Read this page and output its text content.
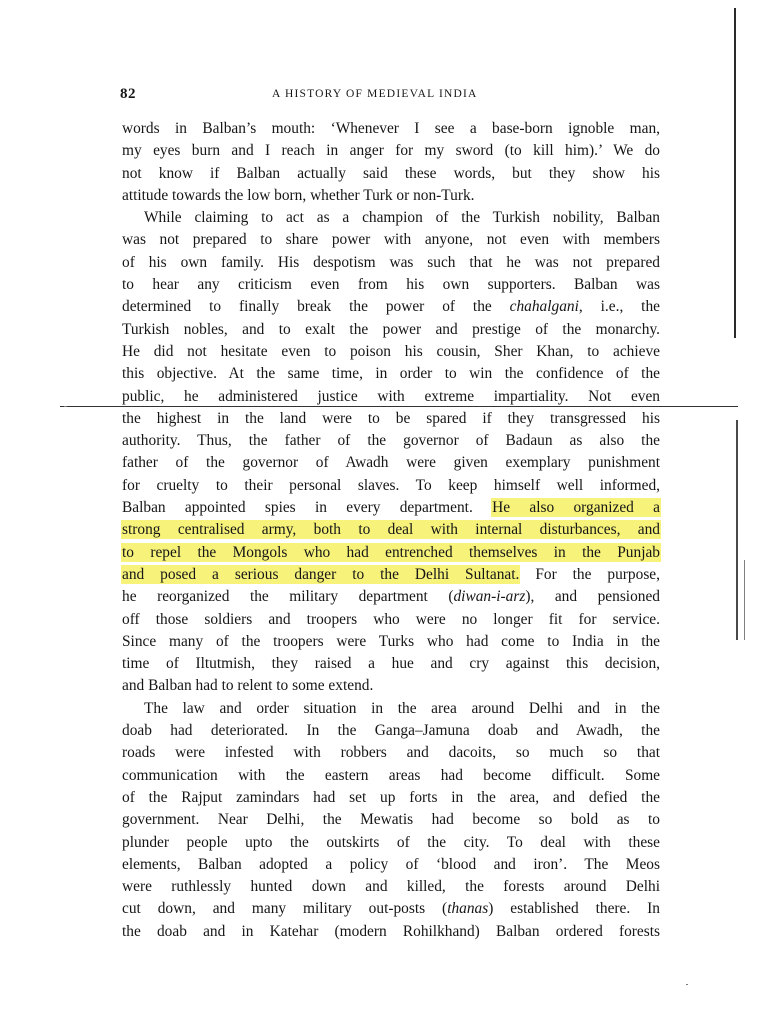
82	A HISTORY OF MEDIEVAL INDIA
words in Balban’s mouth: ‘Whenever I see a base-born ignoble man,
my eyes burn and I reach in anger for my sword (to kill him).’ We do
not know if Balban actually said these words, but they show his
attitude towards the low born, whether Turk or non-Turk.
While claiming to act as a champion of the Turkish nobility, Balban
was not prepared to share power with anyone, not even with members
of his own family. His despotism was such that he was not prepared
to hear any criticism even from his own supporters. Balban was
determined to finally break the power of the chahalgani, i.e., the
Turkish nobles, and to exalt the power and prestige of the monarchy.
He did not hesitate even to poison his cousin, Sher Khan, to achieve
this objective. At the same time, in order to win the confidence of the
public, he administered justice with extreme impartiality. Not even
the highest in the land were to be spared if they transgressed his
authority. Thus, the father of the governor of Badaun as also the
father of the governor of Awadh were given exemplary punishment
for cruelty to their personal slaves. To keep himself well informed,
Balban appointed spies in every department. He also organized a
strong centralised army, both to deal with internal disturbances, and
to repel the Mongols who had entrenched themselves in the Punjab
and posed a serious danger to the Delhi Sultanat. For the purpose,
he reorganized the military department (diwan-i-arz), and pensioned
off those soldiers and troopers who were no longer fit for service.
Since many of the troopers were Turks who had come to India in the
time of Iltutmish, they raised a hue and cry against this decision,
and Balban had to relent to some extend.
The law and order situation in the area around Delhi and in the
doab had deteriorated. In the Ganga–Jamuna doab and Awadh, the
roads were infested with robbers and dacoits, so much so that
communication with the eastern areas had become difficult. Some
of the Rajput zamindars had set up forts in the area, and defied the
government. Near Delhi, the Mewatis had become so bold as to
plunder people upto the outskirts of the city. To deal with these
elements, Balban adopted a policy of ‘blood and iron’. The Meos
were ruthlessly hunted down and killed, the forests around Delhi
cut down, and many military out-posts (thanas) established there. In
the doab and in Katehar (modern Rohilkhand) Balban ordered forests
